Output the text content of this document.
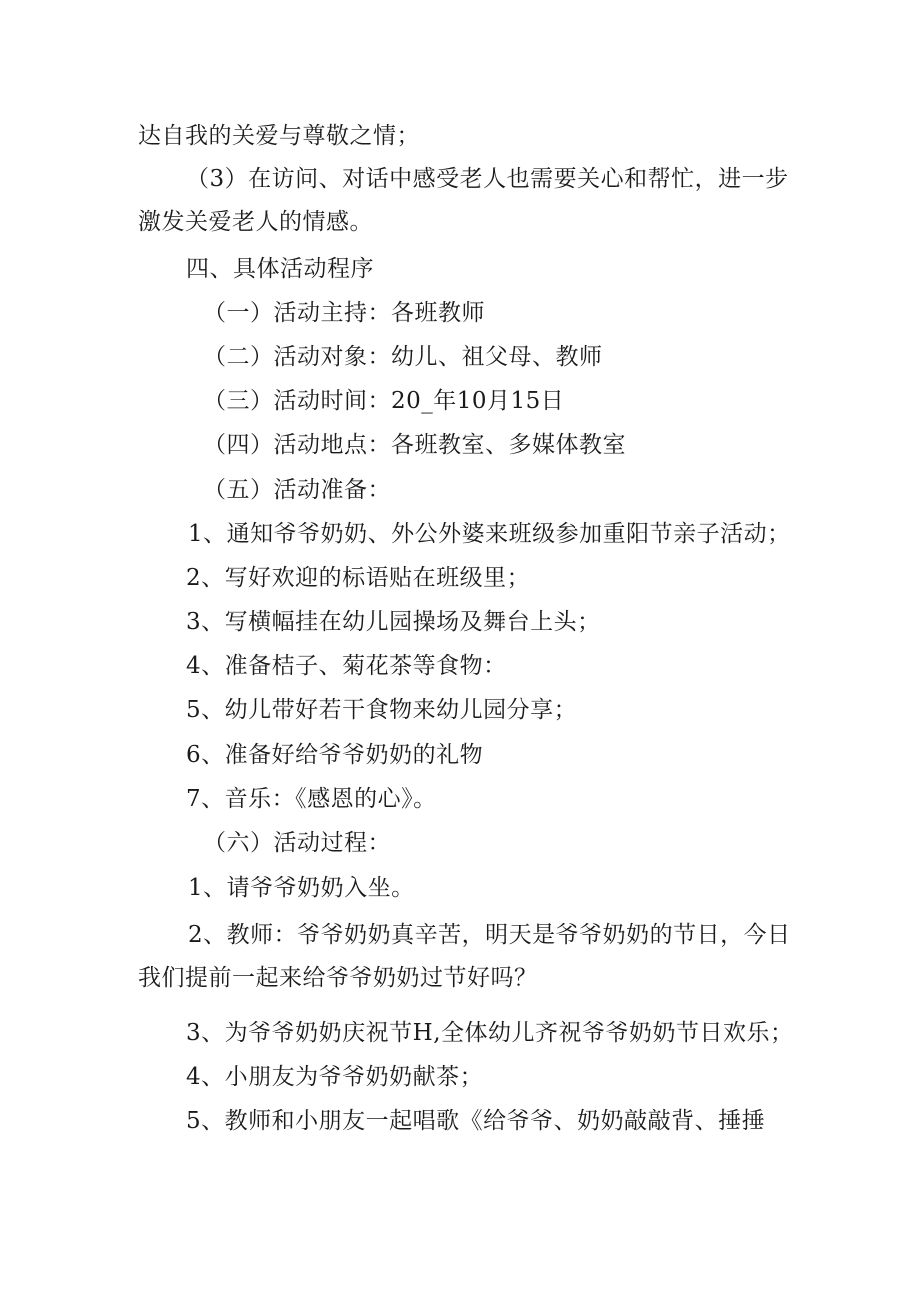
达自我的关爱与尊敬之情；
（3）在访问、对话中感受老人也需要关心和帮忙，进一步
激发关爱老人的情感。
四、具体活动程序
（一）活动主持：各班教师
（二）活动对象：幼儿、祖父母、教师
（三）活动时间：20_年10月15日
（四）活动地点：各班教室、多媒体教室
（五）活动准备：
1、通知爷爷奶奶、外公外婆来班级参加重阳节亲子活动；
2、写好欢迎的标语贴在班级里；
3、写横幅挂在幼儿园操场及舞台上头；
4、准备桔子、菊花茶等食物：
5、幼儿带好若干食物来幼儿园分享；
6、准备好给爷爷奶奶的礼物
7、音乐：《感恩的心》。
（六）活动过程：
1、请爷爷奶奶入坐。
2、教师：爷爷奶奶真辛苦，明天是爷爷奶奶的节日，今日
我们提前一起来给爷爷奶奶过节好吗？
3、为爷爷奶奶庆祝节H,全体幼儿齐祝爷爷奶奶节日欢乐；
4、小朋友为爷爷奶奶献茶；
5、教师和小朋友一起唱歌《给爷爷、奶奶敲敲背、捶捶
